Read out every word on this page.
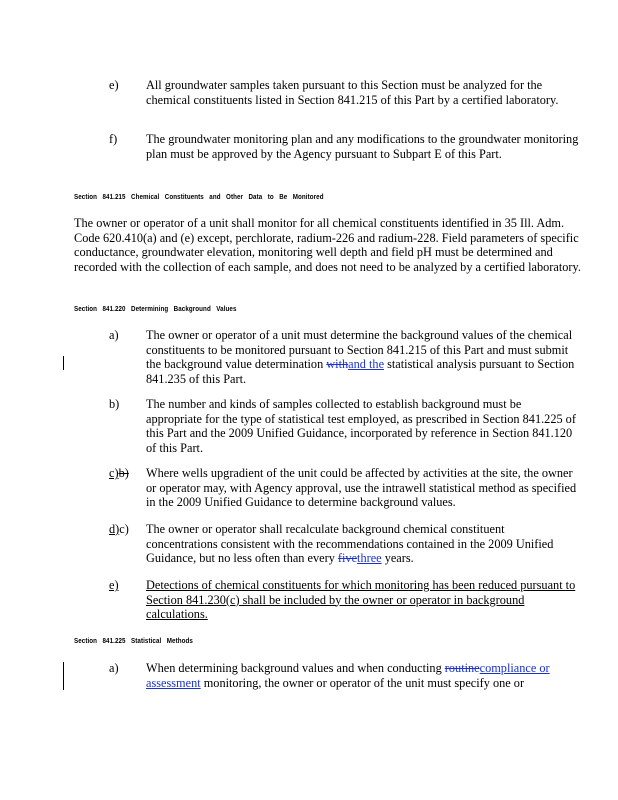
e) All groundwater samples taken pursuant to this Section must be analyzed for the chemical constituents listed in Section 841.215 of this Part by a certified laboratory.
f) The groundwater monitoring plan and any modifications to the groundwater monitoring plan must be approved by the Agency pursuant to Subpart E of this Part.
Section   841.215   Chemical   Constituents   and   Other   Data   to   Be   Monitored
The owner or operator of a unit shall monitor for all chemical constituents identified in 35 Ill. Adm. Code 620.410(a) and (e) except, perchlorate, radium-226 and radium-228. Field parameters of specific conductance, groundwater elevation, monitoring well depth and field pH must be determined and recorded with the collection of each sample, and does not need to be analyzed by a certified laboratory.
Section   841.220   Determining   Background   Values
a) The owner or operator of a unit must determine the background values of the chemical constituents to be monitored pursuant to Section 841.215 of this Part and must submit the background value determination withand the statistical analysis pursuant to Section 841.235 of this Part.
b) The number and kinds of samples collected to establish background must be appropriate for the type of statistical test employed, as prescribed in Section 841.225 of this Part and the 2009 Unified Guidance, incorporated by reference in Section 841.120 of this Part.
c)b) Where wells upgradient of the unit could be affected by activities at the site, the owner or operator may, with Agency approval, use the intrawell statistical method as specified in the 2009 Unified Guidance to determine background values.
d)c) The owner or operator shall recalculate background chemical constituent concentrations consistent with the recommendations contained in the 2009 Unified Guidance, but no less often than every fivethree years.
e) Detections of chemical constituents for which monitoring has been reduced pursuant to Section 841.230(c) shall be included by the owner or operator in background calculations.
Section   841.225   Statistical   Methods
a) When determining background values and when conducting routinecompliance or assessment monitoring, the owner or operator of the unit must specify one or
